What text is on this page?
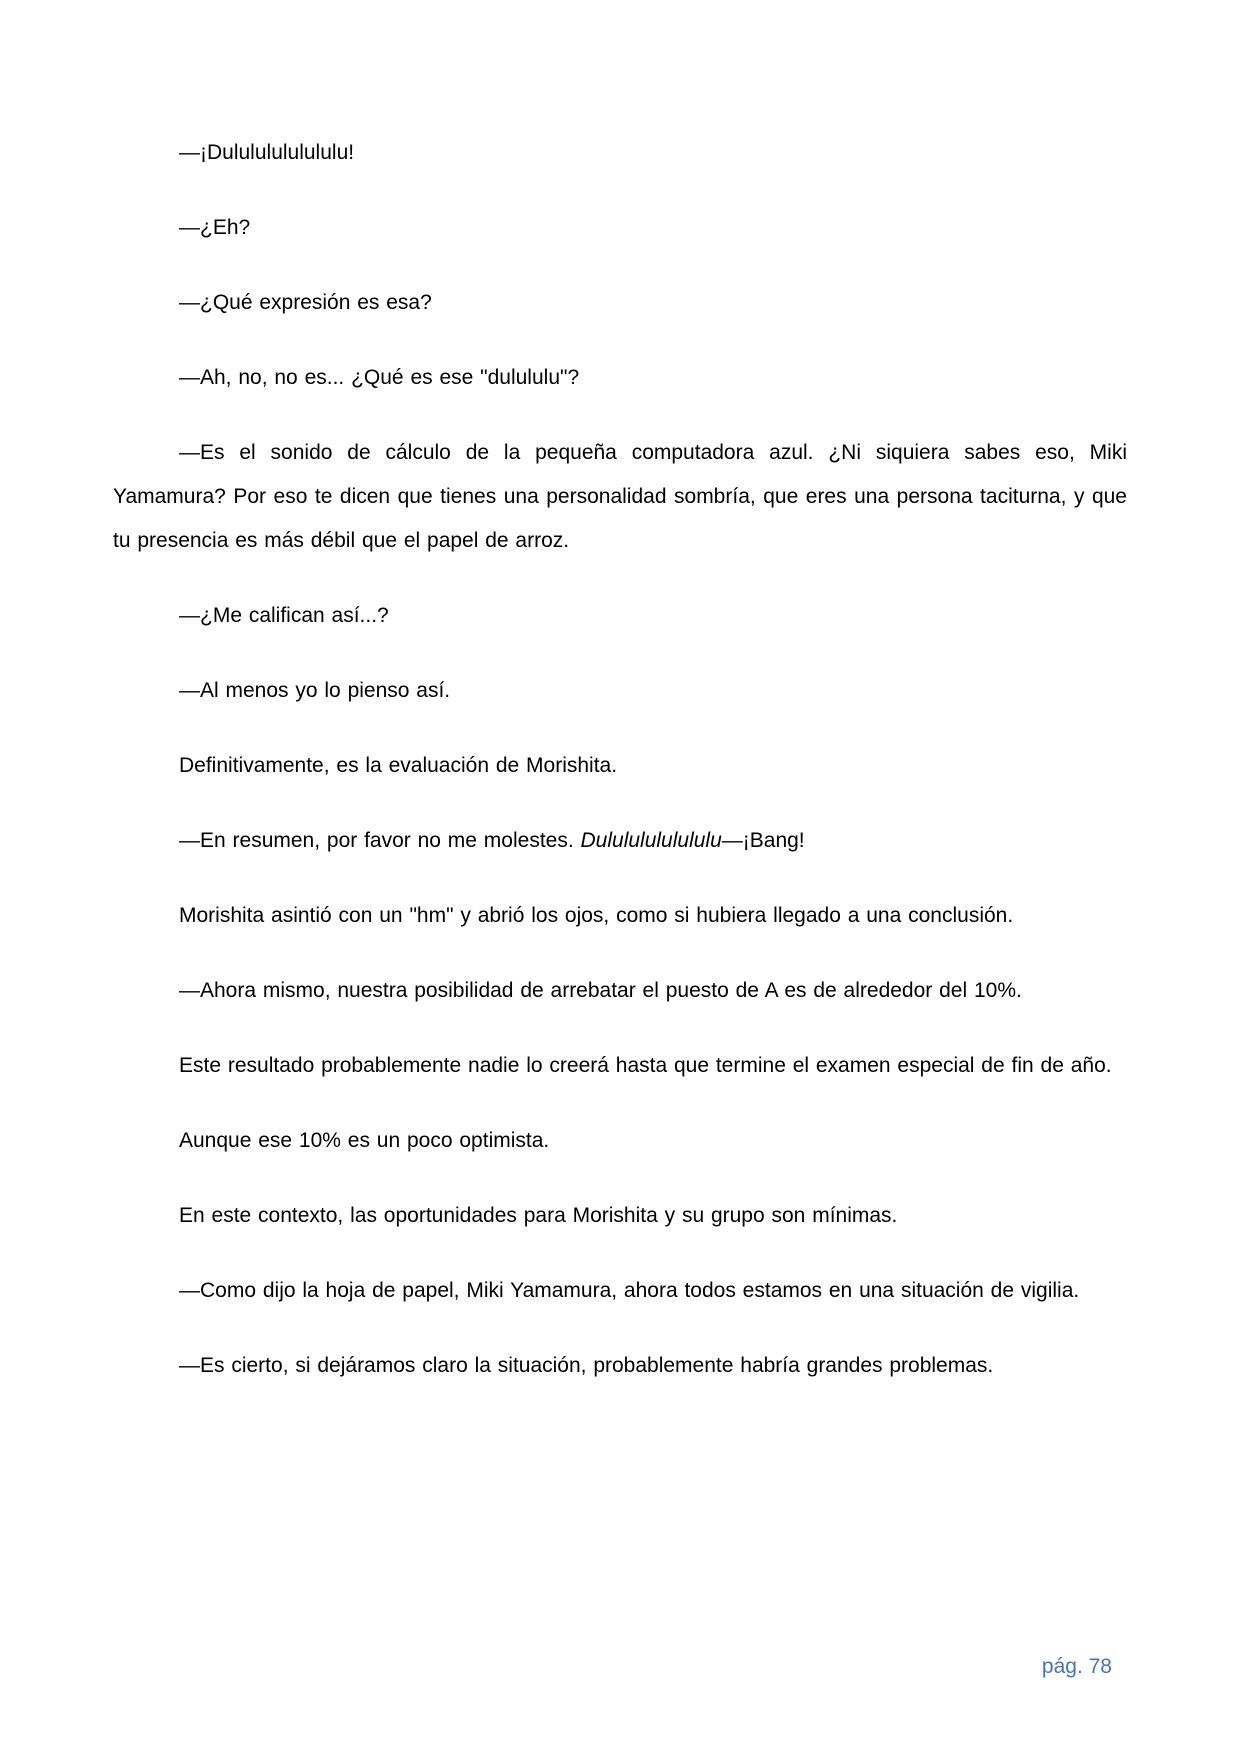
—¡Dulululululululu!

—¿Eh?

—¿Qué expresión es esa?

—Ah, no, no es... ¿Qué es ese "dulululu"?

—Es el sonido de cálculo de la pequeña computadora azul. ¿Ni siquiera sabes eso, Miki Yamamura? Por eso te dicen que tienes una personalidad sombría, que eres una persona taciturna, y que tu presencia es más débil que el papel de arroz.

—¿Me califican así...?

—Al menos yo lo pienso así.

Definitivamente, es la evaluación de Morishita.

—En resumen, por favor no me molestes. Dulululululululu—¡Bang!

Morishita asintió con un "hm" y abrió los ojos, como si hubiera llegado a una conclusión.

—Ahora mismo, nuestra posibilidad de arrebatar el puesto de A es de alrededor del 10%.

Este resultado probablemente nadie lo creerá hasta que termine el examen especial de fin de año.

Aunque ese 10% es un poco optimista.

En este contexto, las oportunidades para Morishita y su grupo son mínimas.

—Como dijo la hoja de papel, Miki Yamamura, ahora todos estamos en una situación de vigilia.

—Es cierto, si dejáramos claro la situación, probablemente habría grandes problemas.

pág. 78
